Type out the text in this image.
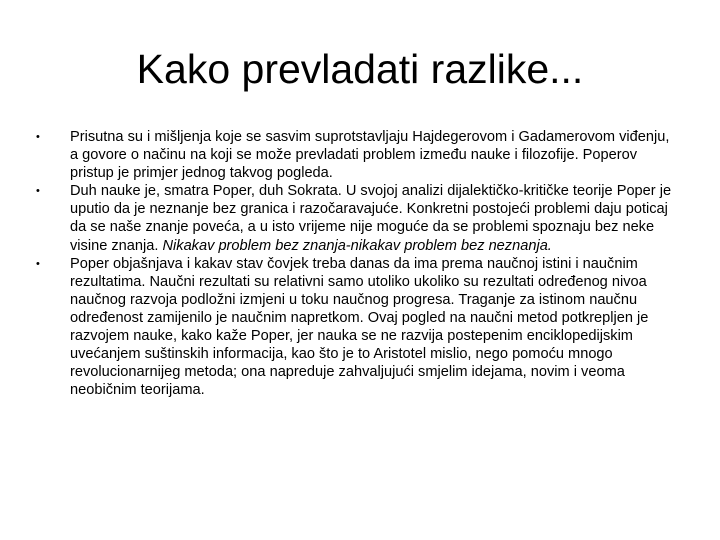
Kako prevladati razlike...
• Prisutna su i mišljenja koje se sasvim suprotstavljaju Hajdegerovom i Gadamerovom viđenju, a govore o načinu na koji se može prevladati problem između nauke i filozofije. Poperov pristup je primjer jednog takvog pogleda.
• Duh nauke je, smatra Poper, duh Sokrata. U svojoj analizi dijalektičko-kritičke teorije Poper je uputio da je neznanje bez granica i razočaravajuće. Konkretni postojeći problemi daju poticaj da se naše znanje poveća, a u isto vrijeme nije moguće da se problemi spoznaju bez neke visine znanja. Nikakav problem bez znanja-nikakav problem bez neznanja.
• Poper objašnjava i kakav stav čovjek treba danas da ima prema naučnoj istini i naučnim rezultatima. Naučni rezultati su relativni samo utoliko ukoliko su rezultati određenog nivoa naučnog razvoja podložni izmjeni u toku naučnog progresa. Traganje za istinom naučnu određenost zamijenilo je naučnim napretkom. Ovaj pogled na naučni metod potkrepljen je razvojem nauke, kako kaže Poper, jer nauka se ne razvija postepenim enciklopedijskim uvećanjem suštinskih informacija, kao što je to Aristotel mislio, nego pomoću mnogo revolucionarnijeg metoda; ona napreduje zahvaljujući smjelim idejama, novim i veoma neobičnim teorijama.
